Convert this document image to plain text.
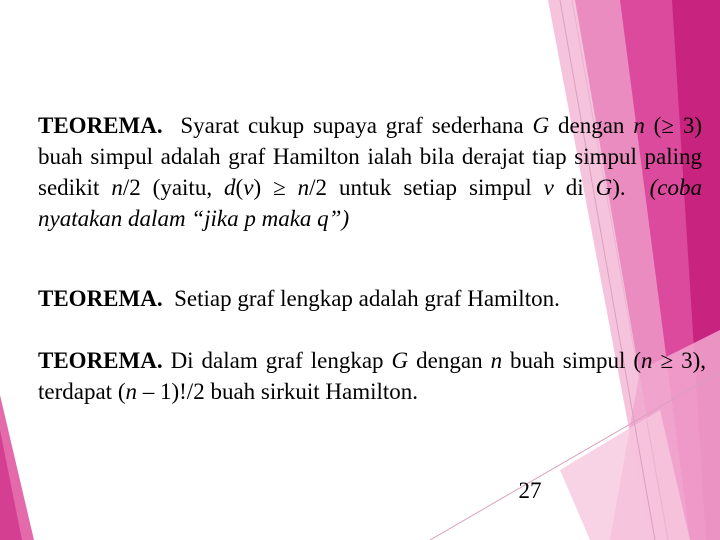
TEOREMA. Syarat cukup supaya graf sederhana G dengan n (≥ 3) buah simpul adalah graf Hamilton ialah bila derajat tiap simpul paling sedikit n/2 (yaitu, d(v) ≥ n/2 untuk setiap simpul v di G). (coba nyatakan dalam “jika p maka q”)

TEOREMA. Setiap graf lengkap adalah graf Hamilton.

TEOREMA. Di dalam graf lengkap G dengan n buah simpul (n ≥ 3), terdapat (n – 1)!/2 buah sirkuit Hamilton.

27
